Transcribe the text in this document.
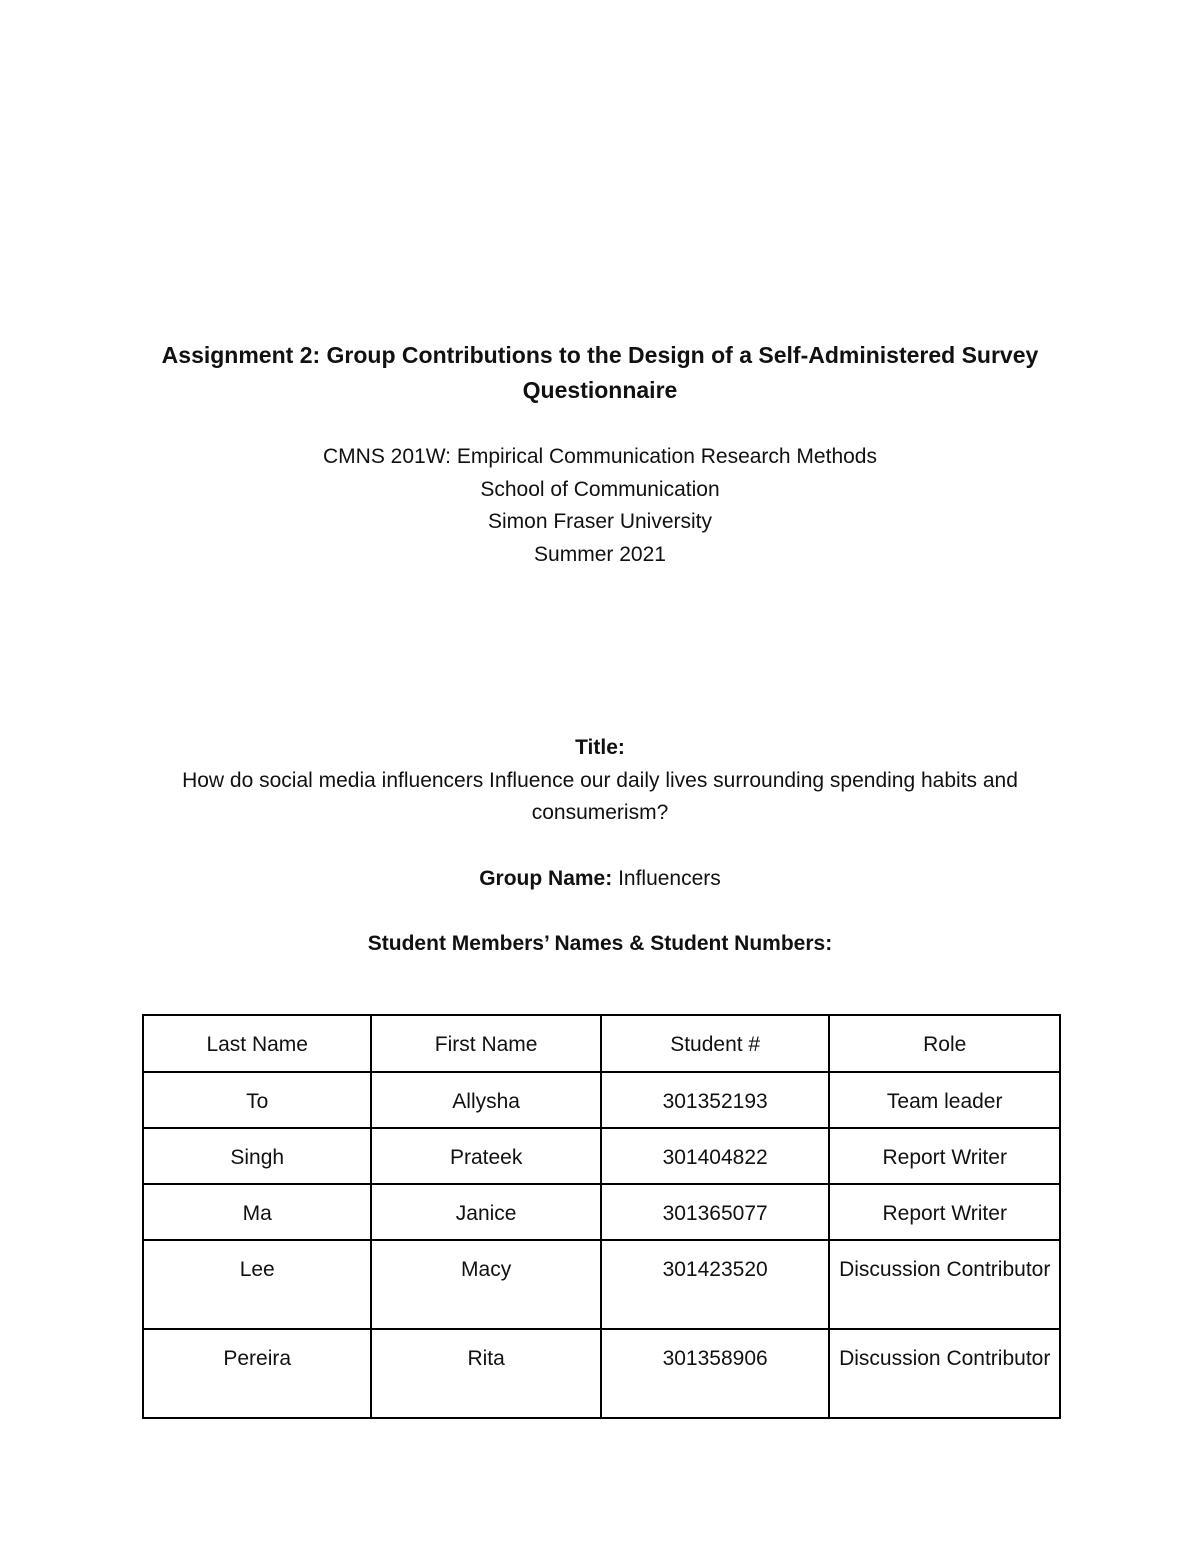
Assignment 2: Group Contributions to the Design of a Self-Administered Survey Questionnaire
CMNS 201W: Empirical Communication Research Methods
School of Communication
Simon Fraser University
Summer 2021
Title:
How do social media influencers Influence our daily lives surrounding spending habits and consumerism?
Group Name: Influencers
Student Members’ Names & Student Numbers:
Last Name	First Name	Student #	Role
To	Allysha	301352193	Team leader
Singh	Prateek	301404822	Report Writer
Ma	Janice	301365077	Report Writer
Lee	Macy	301423520	Discussion Contributor
Pereira	Rita	301358906	Discussion Contributor
